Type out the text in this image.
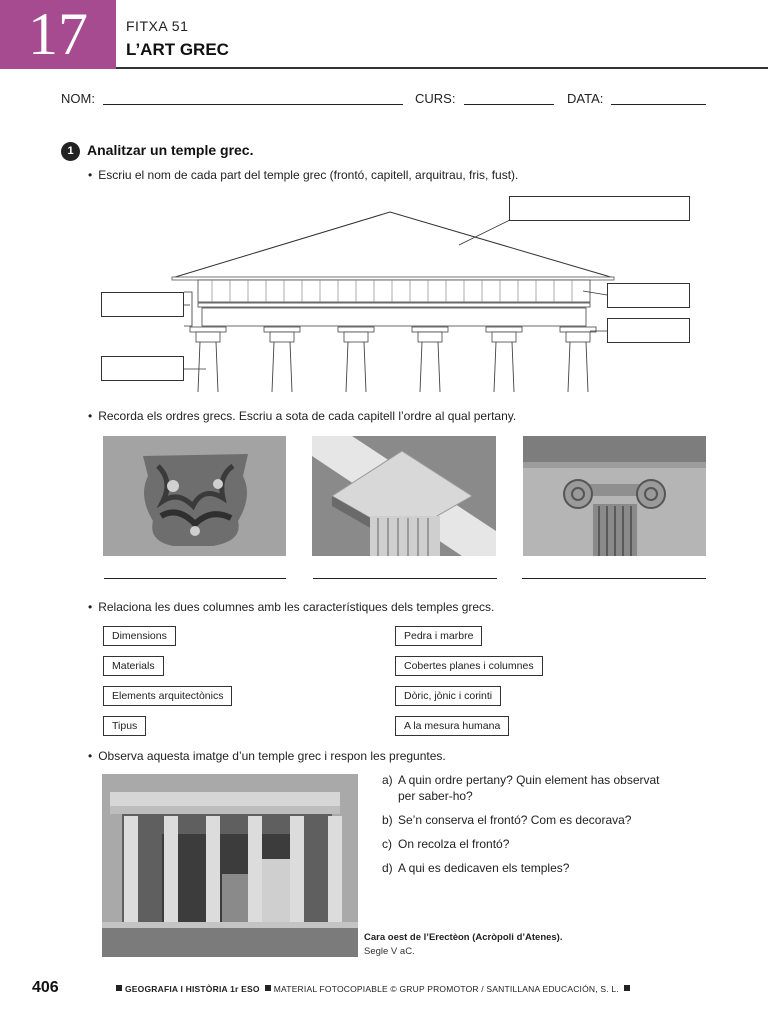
17	FITXA 51
L’ART GREC
NOM:	CURS:	DATA:
1 Analitzar un temple grec.
• Escriu el nom de cada part del temple grec (frontó, capitell, arquitrau, fris, fust).
• Recorda els ordres grecs. Escriu a sota de cada capitell l’ordre al qual pertany.
• Relaciona les dues columnes amb les característiques dels temples grecs.
Dimensions
Materials
Elements arquitectònics
Tipus
Pedra i marbre
Cobertes planes i columnes
Dòric, jònic i corinti
A la mesura humana
• Observa aquesta imatge d’un temple grec i respon les preguntes.
a) A quin ordre pertany? Quin element has observat per saber-ho?
b) Se’n conserva el frontó? Com es decorava?
c) On recolza el frontó?
d) A qui es dedicaven els temples?
Cara oest de l’Erectèon (Acròpoli d’Atenes).
Segle V aC.
406	GEOGRAFIA I HISTÒRIA 1r ESO MATERIAL FOTOCOPIABLE © GRUP PROMOTOR / SANTILLANA EDUCACIÓN, S. L.
